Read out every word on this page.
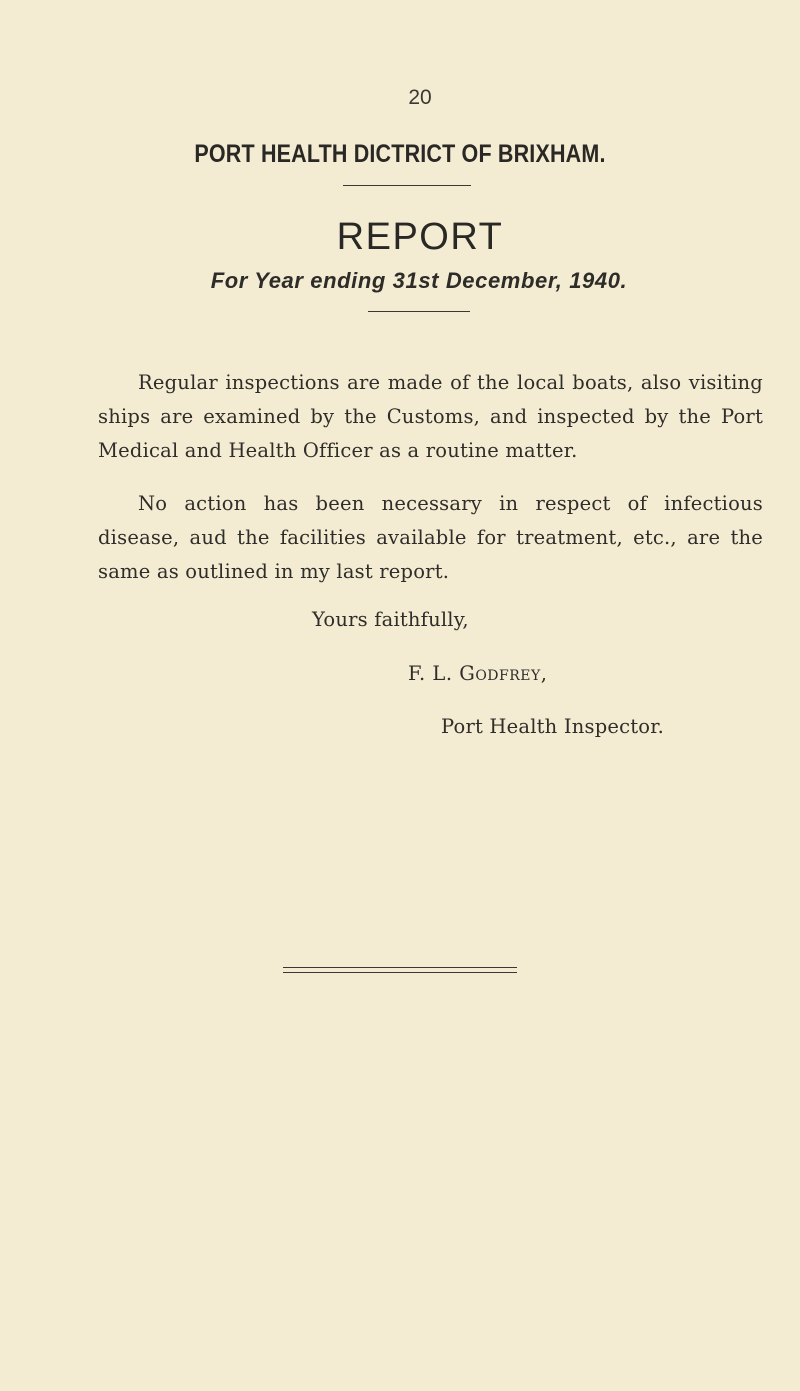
20
PORT HEALTH DICTRICT OF BRIXHAM.
REPORT
For Year ending 31st December, 1940.

Regular inspections are made of the local boats, also visiting ships are examined by the Customs, and inspected by the Port Medical and Health Officer as a routine matter.

No action has been necessary in respect of infectious disease, aud the facilities available for treatment, etc., are the same as outlined in my last report.

Yours faithfully,
F. L. Godfrey,
Port Health Inspector.
